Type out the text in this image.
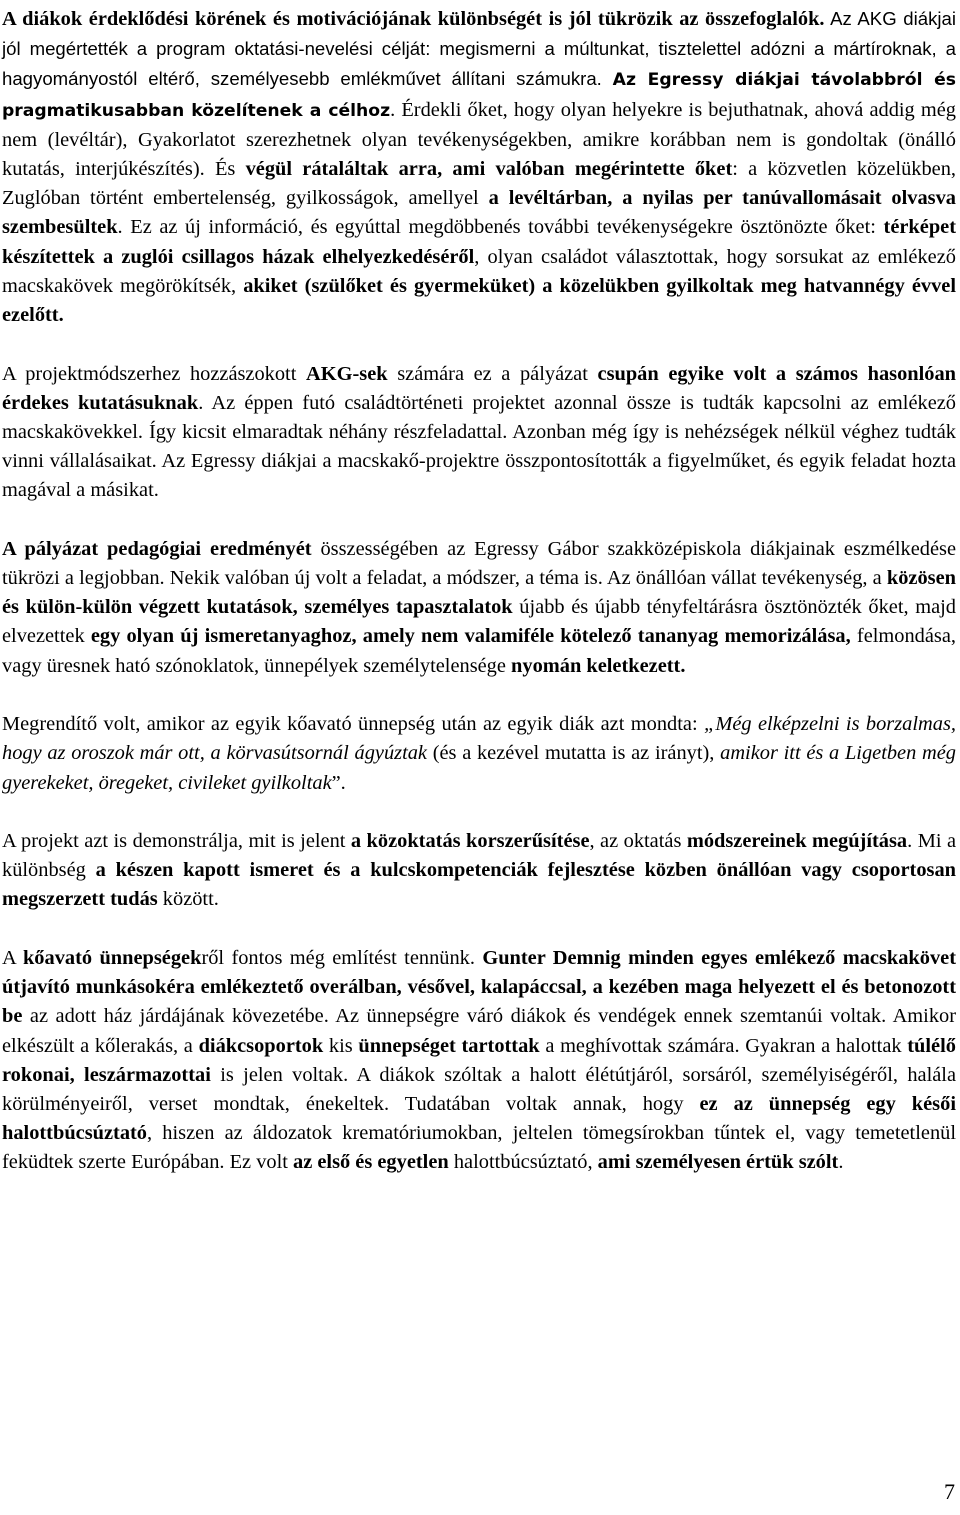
A diákok érdeklődési körének és motivációjának különbségét is jól tükrözik az összefoglalók. Az AKG diákjai jól megértették a program oktatási-nevelési célját: megismerni a múltunkat, tisztelettel adózni a mártíroknak, a hagyományostól eltérő, személyesebb emlékművet állítani számukra. Az Egressy diákjai távolabbról és pragmatikusabban közelítenek a célhoz. Érdekli őket, hogy olyan helyekre is bejuthatnak, ahová addig még nem (levéltár), Gyakorlatot szerezhetnek olyan tevékenységekben, amikre korábban nem is gondoltak (önálló kutatás, interjúkészítés). És végül rátaláltak arra, ami valóban megérintette őket: a közvetlen közelükben, Zuglóban történt embertelenség, gyilkosságok, amellyel a levéltárban, a nyilas per tanúvallomásait olvasva szembesültek. Ez az új információ, és egyúttal megdöbbenés további tevékenységekre ösztönözte őket: térképet készítettek a zuglói csillagos házak elhelyezkedéséről, olyan családot választottak, hogy sorsukat az emlékező macskakövek megörökítsék, akiket (szülőket és gyermeküket) a közelükben gyilkoltak meg hatvannégy évvel ezelőtt.

A projektmódszerhez hozzászokott AKG-sek számára ez a pályázat csupán egyike volt a számos hasonlóan érdekes kutatásuknak. Az éppen futó családtörténeti projektet azonnal össze is tudták kapcsolni az emlékező macskakövekkel. Így kicsit elmaradtak néhány részfeladattal. Azonban még így is nehézségek nélkül véghez tudták vinni vállalásaikat. Az Egressy diákjai a macskakő-projektre összpontosították a figyelműket, és egyik feladat hozta magával a másikat.

A pályázat pedagógiai eredményét összességében az Egressy Gábor szakközépiskola diákjainak eszmélkedése tükrözi a legjobban. Nekik valóban új volt a feladat, a módszer, a téma is. Az önállóan vállat tevékenység, a közösen és külön-külön végzett kutatások, személyes tapasztalatok újabb és újabb tényfeltárásra ösztönözték őket, majd elvezettek egy olyan új ismeretanyaghoz, amely nem valamiféle kötelező tananyag memorizálása, felmondása, vagy üresnek ható szónoklatok, ünnepélyek személytelensége nyomán keletkezett.

Megrendítő volt, amikor az egyik kőavató ünnepség után az egyik diák azt mondta: „Még elképzelni is borzalmas, hogy az oroszok már ott, a körvasútsornál ágyúztak (és a kezével mutatta is az irányt), amikor itt és a Ligetben még gyerekeket, öregeket, civileket gyilkoltak”.

A projekt azt is demonstrálja, mit is jelent a közoktatás korszerűsítése, az oktatás módszereinek megújítása. Mi a különbség a készen kapott ismeret és a kulcskompetenciák fejlesztése közben önállóan vagy csoportosan megszerzett tudás között.

A kőavató ünnepségekről fontos még említést tennünk. Gunter Demnig minden egyes emlékező macskakövet útjavító munkásokéra emlékeztető overálban, vésővel, kalapáccsal, a kezében maga helyezett el és betonozott be az adott ház járdájának kövezetébe. Az ünnepségre váró diákok és vendégek ennek szemtanúi voltak. Amikor elkészült a kőlerakás, a diákcsoportok kis ünnepséget tartottak a meghívottak számára. Gyakran a halottak túlélő rokonai, leszármazottai is jelen voltak. A diákok szóltak a halott élétútjáról, sorsáról, személyiségéről, halála körülményeiről, verset mondtak, énekeltek. Tudatában voltak annak, hogy ez az ünnepség egy késői halottbúcsúztató, hiszen az áldozatok krematóriumokban, jeltelen tömegsírokban tűntek el, vagy temetetlenül feküdtek szerte Európában. Ez volt az első és egyetlen halottbúcsúztató, ami személyesen értük szólt.

7
